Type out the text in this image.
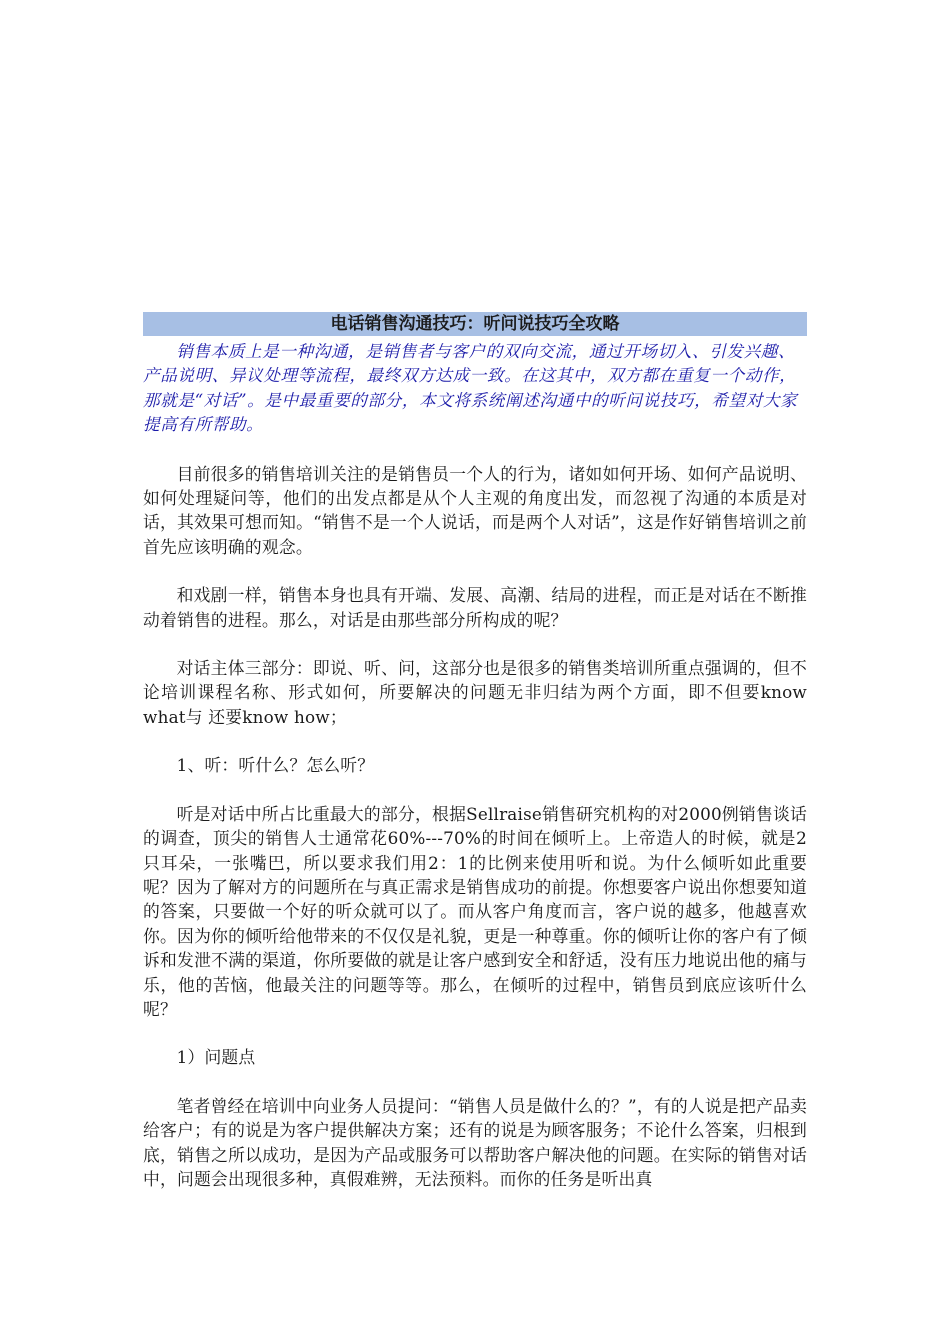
电话销售沟通技巧：听问说技巧全攻略
销售本质上是一种沟通，是销售者与客户的双向交流，通过开场切入、引发兴趣、产品说明、异议处理等流程，最终双方达成一致。在这其中，双方都在重复一个动作，那就是“对话”。是中最重要的部分，本文将系统阐述沟通中的听问说技巧，希望对大家提高有所帮助。

目前很多的销售培训关注的是销售员一个人的行为，诸如如何开场、如何产品说明、如何处理疑问等，他们的出发点都是从个人主观的角度出发，而忽视了沟通的本质是对话，其效果可想而知。“销售不是一个人说话，而是两个人对话”，这是作好销售培训之前首先应该明确的观念。

和戏剧一样，销售本身也具有开端、发展、高潮、结局的进程，而正是对话在不断推动着销售的进程。那么，对话是由那些部分所构成的呢？

对话主体三部分：即说、听、问，这部分也是很多的销售类培训所重点强调的，但不论培训课程名称、形式如何，所要解决的问题无非归结为两个方面，即不但要know what与 还要know how；

1、听：听什么？怎么听？

听是对话中所占比重最大的部分，根据Sellraise销售研究机构的对2000例销售谈话的调查，顶尖的销售人士通常花60%---70%的时间在倾听上。上帝造人的时候，就是2只耳朵，一张嘴巴，所以要求我们用2：1的比例来使用听和说。为什么倾听如此重要呢？因为了解对方的问题所在与真正需求是销售成功的前提。你想要客户说出你想要知道的答案，只要做一个好的听众就可以了。而从客户角度而言，客户说的越多，他越喜欢你。因为你的倾听给他带来的不仅仅是礼貌，更是一种尊重。你的倾听让你的客户有了倾诉和发泄不满的渠道，你所要做的就是让客户感到安全和舒适，没有压力地说出他的痛与乐，他的苦恼，他最关注的问题等等。那么，在倾听的过程中，销售员到底应该听什么呢？

1）问题点

笔者曾经在培训中向业务人员提问：“销售人员是做什么的？”，有的人说是把产品卖给客户；有的说是为客户提供解决方案；还有的说是为顾客服务；不论什么答案，归根到底，销售之所以成功，是因为产品或服务可以帮助客户解决他的问题。在实际的销售对话中，问题会出现很多种，真假难辨，无法预料。而你的任务是听出真
